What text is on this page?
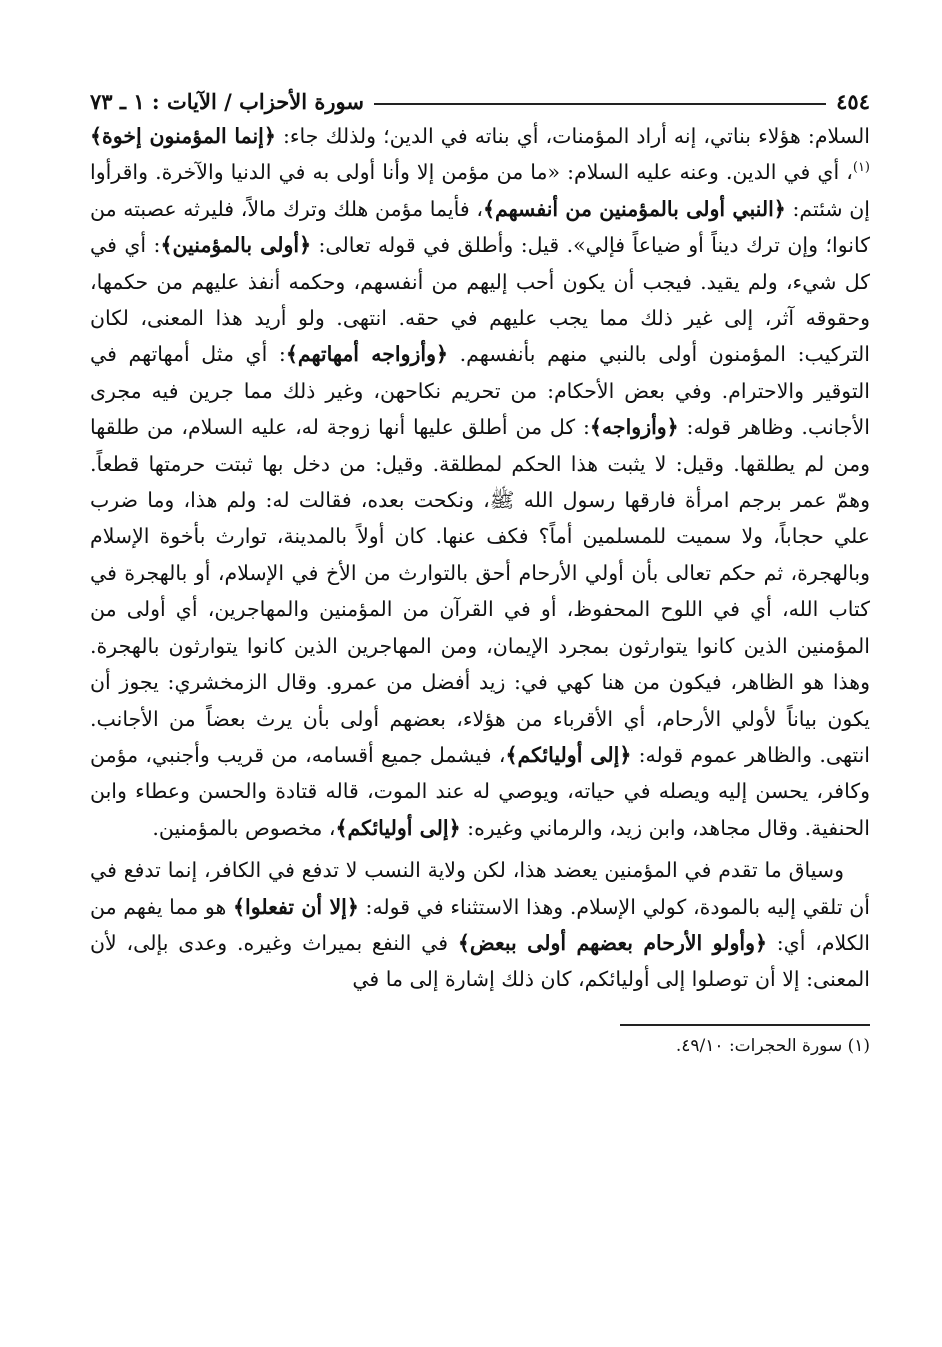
٤٥٤
سورة الأحزاب / الآيات : ١ ـ ٧٣

السلام: هؤلاء بناتي، إنه أراد المؤمنات، أي بناته في الدين؛ ولذلك جاء: ﴿إنما المؤمنون إخوة﴾$^{(١)}$، أي في الدين. وعنه عليه السلام: «ما من مؤمن إلا وأنا أولى به في الدنيا والآخرة. واقرأوا إن شئتم: ﴿النبي أولى بالمؤمنين من أنفسهم﴾، فأيما مؤمن هلك وترك مالاً، فليرثه عصبته من كانوا؛ وإن ترك ديناً أو ضياعاً فإلي». قيل: وأطلق في قوله تعالى: ﴿أولى بالمؤمنين﴾: أي في كل شيء، ولم يقيد. فيجب أن يكون أحب إليهم من أنفسهم، وحكمه أنفذ عليهم من حكمها، وحقوقه آثر، إلى غير ذلك مما يجب عليهم في حقه. انتهى. ولو أريد هذا المعنى، لكان التركيب: المؤمنون أولى بالنبي منهم بأنفسهم. ﴿وأزواجه أمهاتهم﴾: أي مثل أمهاتهم في التوقير والاحترام. وفي بعض الأحكام: من تحريم نكاحهن، وغير ذلك مما جرين فيه مجرى الأجانب. وظاهر قوله: ﴿وأزواجه﴾: كل من أطلق عليها أنها زوجة له، عليه السلام، من طلقها ومن لم يطلقها. وقيل: لا يثبت هذا الحكم لمطلقة. وقيل: من دخل بها ثبتت حرمتها قطعاً. وهمّ عمر برجم امرأة فارقها رسول الله ﷺ، ونكحت بعده، فقالت له: ولم هذا، وما ضرب علي حجاباً، ولا سميت للمسلمين أماً؟ فكف عنها. كان أولاً بالمدينة، توارث بأخوة الإسلام وبالهجرة، ثم حكم تعالى بأن أولي الأرحام أحق بالتوارث من الأخ في الإسلام، أو بالهجرة في كتاب الله، أي في اللوح المحفوظ، أو في القرآن من المؤمنين والمهاجرين، أي أولى من المؤمنين الذين كانوا يتوارثون بمجرد الإيمان، ومن المهاجرين الذين كانوا يتوارثون بالهجرة. وهذا هو الظاهر، فيكون من هنا كهي في: زيد أفضل من عمرو. وقال الزمخشري: يجوز أن يكون بياناً لأولي الأرحام، أي الأقرباء من هؤلاء، بعضهم أولى بأن يرث بعضاً من الأجانب. انتهى. والظاهر عموم قوله: ﴿إلى أوليائكم﴾، فيشمل جميع أقسامه، من قريب وأجنبي، مؤمن وكافر، يحسن إليه ويصله في حياته، ويوصي له عند الموت، قاله قتادة والحسن وعطاء وابن الحنفية. وقال مجاهد، وابن زيد، والرماني وغيره: ﴿إلى أوليائكم﴾، مخصوص بالمؤمنين.

وسياق ما تقدم في المؤمنين يعضد هذا، لكن ولاية النسب لا تدفع في الكافر، إنما تدفع في أن تلقي إليه بالمودة، كولي الإسلام. وهذا الاستثناء في قوله: ﴿إلا أن تفعلوا﴾ هو مما يفهم من الكلام، أي: ﴿وأولو الأرحام بعضهم أولى ببعض﴾ في النفع بميراث وغيره. وعدى بإلى، لأن المعنى: إلا أن توصلوا إلى أوليائكم، كان ذلك إشارة إلى ما في

(١) سورة الحجرات: ٤٩/١٠.
